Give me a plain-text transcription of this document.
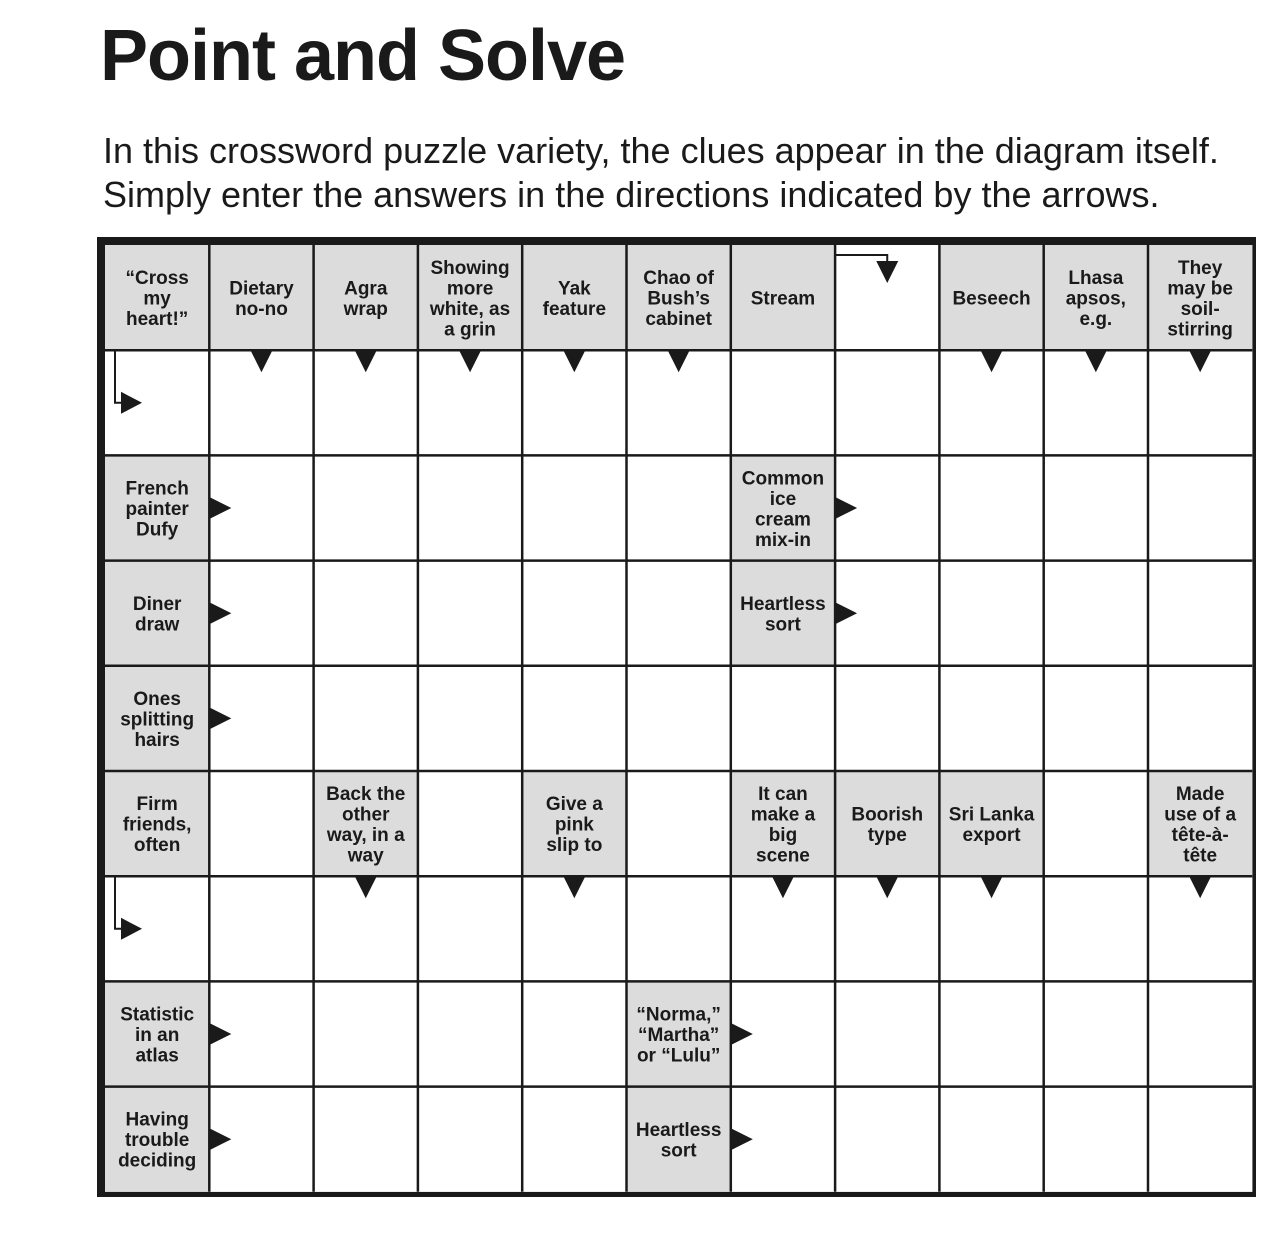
Point and Solve
In this crossword puzzle variety, the clues appear in the diagram itself.
Simply enter the answers in the directions indicated by the arrows.
“Cross
my
heart!”
Dietary
no-no
Agra
wrap
Showing
more
white, as
a grin
Yak
feature
Chao of
Bush’s
cabinet
Stream	Beseech
Lhasa
apsos,
e.g.
They
may be
soil-
stirring
French
painter
Dufy
Common
ice
cream
mix-in
Diner
draw
Heartless
sort
Ones
splitting
hairs
Firm
friends,
often
Back the
other
way, in a
way
Give a
pink
slip to
It can
make a
big
scene
Boorish
type
Sri Lanka
export
Made
use of a
tête-à-
tête
Statistic
in an
atlas
“Norma,”
“Martha”
or “Lulu”
Having
trouble
deciding
Heartless
sort
